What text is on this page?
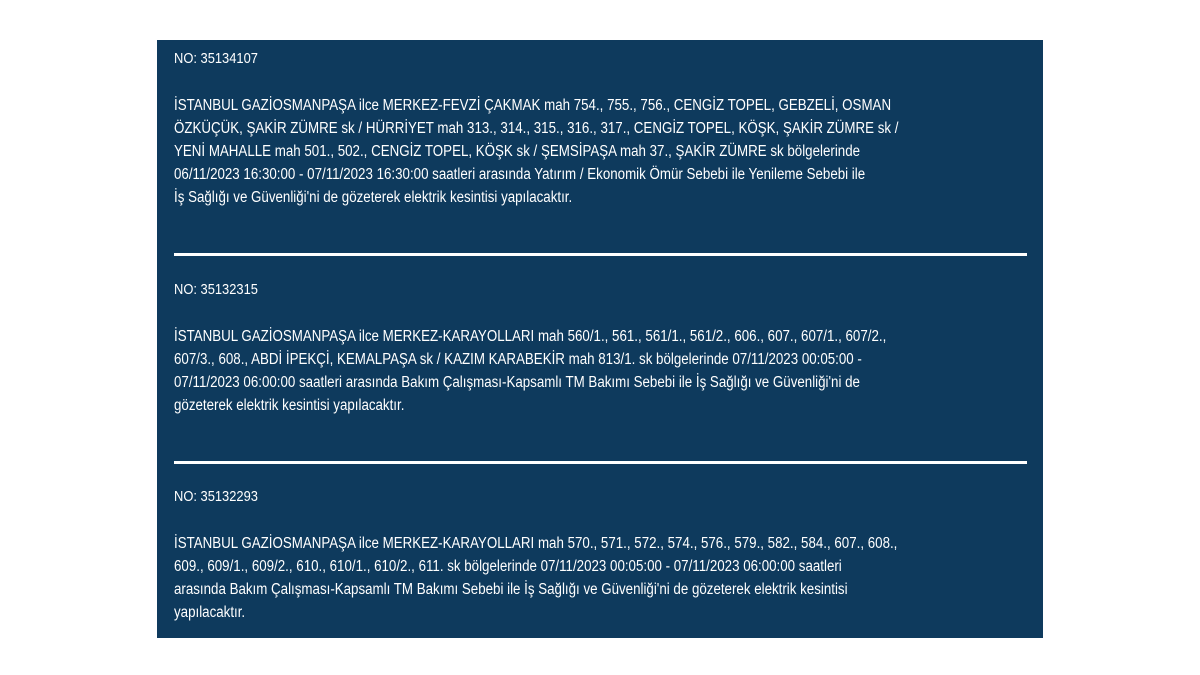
NO: 35134107
İSTANBUL GAZİOSMANPAŞA ilce MERKEZ-FEVZİ ÇAKMAK mah 754., 755., 756., CENGİZ TOPEL, GEBZELİ, OSMAN
ÖZKÜÇÜK, ŞAKİR ZÜMRE sk / HÜRRİYET mah 313., 314., 315., 316., 317., CENGİZ TOPEL, KÖŞK, ŞAKİR ZÜMRE sk /
YENİ MAHALLE mah 501., 502., CENGİZ TOPEL, KÖŞK sk / ŞEMSİPAŞA mah 37., ŞAKİR ZÜMRE sk bölgelerinde
06/11/2023 16:30:00 - 07/11/2023 16:30:00 saatleri arasında Yatırım / Ekonomik Ömür Sebebi ile Yenileme Sebebi ile
İş Sağlığı ve Güvenliği'ni de gözeterek elektrik kesintisi yapılacaktır.
NO: 35132315
İSTANBUL GAZİOSMANPAŞA ilce MERKEZ-KARAYOLLARI mah 560/1., 561., 561/1., 561/2., 606., 607., 607/1., 607/2.,
607/3., 608., ABDİ İPEKÇİ, KEMALPAŞA sk / KAZIM KARABEKİR mah 813/1. sk bölgelerinde 07/11/2023 00:05:00 -
07/11/2023 06:00:00 saatleri arasında Bakım Çalışması-Kapsamlı TM Bakımı Sebebi ile İş Sağlığı ve Güvenliği'ni de
gözeterek elektrik kesintisi yapılacaktır.
NO: 35132293
İSTANBUL GAZİOSMANPAŞA ilce MERKEZ-KARAYOLLARI mah 570., 571., 572., 574., 576., 579., 582., 584., 607., 608.,
609., 609/1., 609/2., 610., 610/1., 610/2., 611. sk bölgelerinde 07/11/2023 00:05:00 - 07/11/2023 06:00:00 saatleri
arasında Bakım Çalışması-Kapsamlı TM Bakımı Sebebi ile İş Sağlığı ve Güvenliği'ni de gözeterek elektrik kesintisi
yapılacaktır.
